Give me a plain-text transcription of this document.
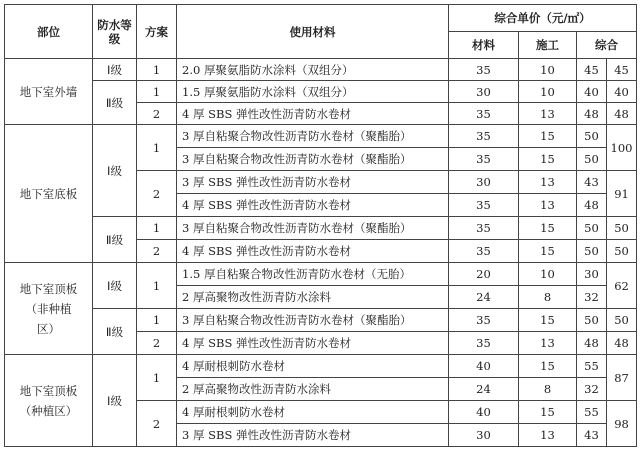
部位	防水等级	方案	使用材料	综合单价（元/㎡）			
				材料	施工	综合	
地下室外墙	Ⅰ级	1	2.0 厚聚氨脂防水涂料（双组分）	35	10	45	45
	Ⅱ级	1	1.5 厚聚氨脂防水涂料（双组分）	30	10	40	40
		2	4 厚 SBS 弹性改性沥青防水卷材	35	13	48	48
地下室底板	Ⅰ级	1	3 厚自粘聚合物改性沥青防水卷材（聚酯胎）	35	15	50	100
			3 厚自粘聚合物改性沥青防水卷材（聚酯胎）	35	15	50	
		2	3 厚 SBS 弹性改性沥青防水卷材	30	13	43	91
			4 厚 SBS 弹性改性沥青防水卷材	35	13	48	
	Ⅱ级	1	3 厚自粘聚合物改性沥青防水卷材（聚酯胎）	35	15	50	50
		2	4 厚 SBS 弹性改性沥青防水卷材	35	15	50	50

地下室顶板
（非种植
区）	Ⅰ级	1	1.5 厚自粘聚合物改性沥青防水卷材（无胎）	20	10	30	62
			2 厚高聚物改性沥青防水涂料	24	8	32	
	Ⅱ级	1	3 厚自粘聚合物改性沥青防水卷材（聚酯胎）	35	15	50	50
		2	4 厚 SBS 弹性改性沥青防水卷材	35	13	48	48

地下室顶板
（种植区）	Ⅰ级	1	4 厚耐根刺防水卷材	40	15	55	87
			2 厚高聚物改性沥青防水涂料	24	8	32	
		2	4 厚耐根刺防水卷材	40	15	55	98
			3 厚 SBS 弹性改性沥青防水卷材	30	13	43	
